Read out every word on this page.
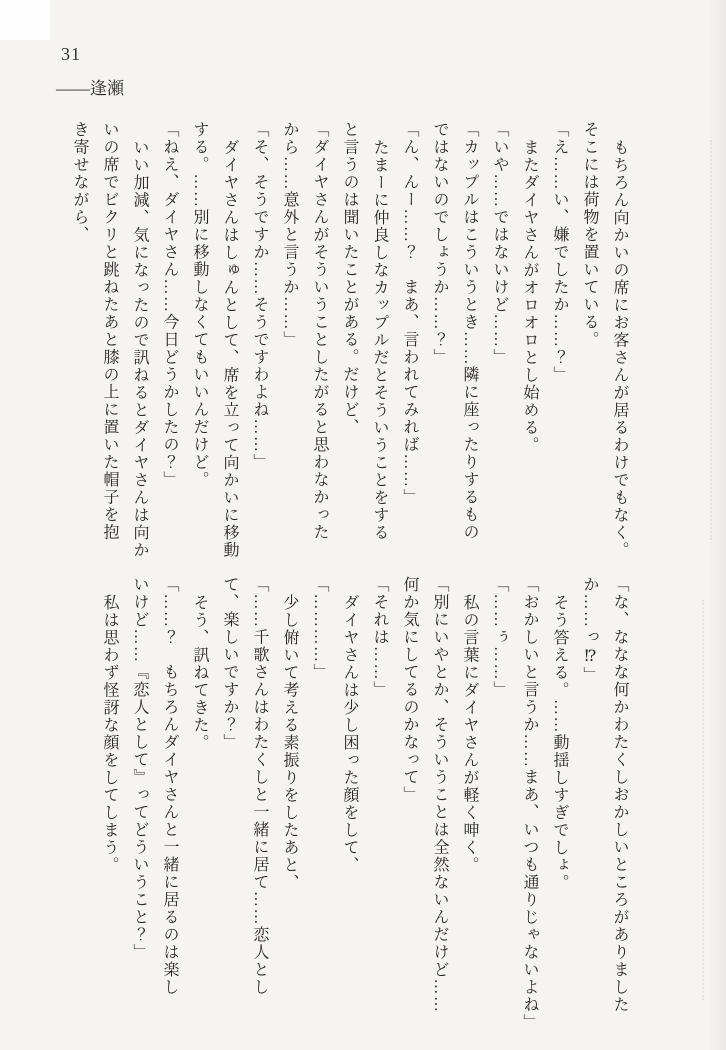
31
――逢瀬
もちろん向かいの席にお客さんが居るわけでもなく。
そこには荷物を置いている。
「え……い、嫌でしたか……？」
またダイヤさんがオロオロとし始める。
「いや……ではないけど……」
「カップルはこういうとき……隣に座ったりするもの
ではないのでしょうか……？」
「ん、んー……？　まあ、言われてみれば……」
たまーに仲良しなカップルだとそういうことをする
と言うのは聞いたことがある。だけど、
「ダイヤさんがそういうことしたがると思わなかった
から……意外と言うか……」
「そ、そうですか……そうですわよね……」
ダイヤさんはしゅんとして、席を立って向かいに移動
する。……別に移動しなくてもいいんだけど。
「ねえ、ダイヤさん……今日どうかしたの？」
いい加減、気になったので訊ねるとダイヤさんは向か
いの席でビクリと跳ねたあと膝の上に置いた帽子を抱
き寄せながら、
「な、ななな何かわたくしおかしいところがありました
か……っ⁉」
そう答える。……動揺しすぎでしょ。
「おかしいと言うか……まあ、いつも通りじゃないよね」
「……ぅ……」
私の言葉にダイヤさんが軽く呻く。
「別にいやとか、そういうことは全然ないんだけど……
何か気にしてるのかなって」
「それは……」
ダイヤさんは少し困った顔をして、
「…………」
少し俯いて考える素振りをしたあと、
「……千歌さんはわたくしと一緒に居て……恋人とし
て、楽しいですか？」
そう、訊ねてきた。
「……？　もちろんダイヤさんと一緒に居るのは楽し
いけど……『恋人として』ってどういうこと？」
私は思わず怪訝な顔をしてしまう。
